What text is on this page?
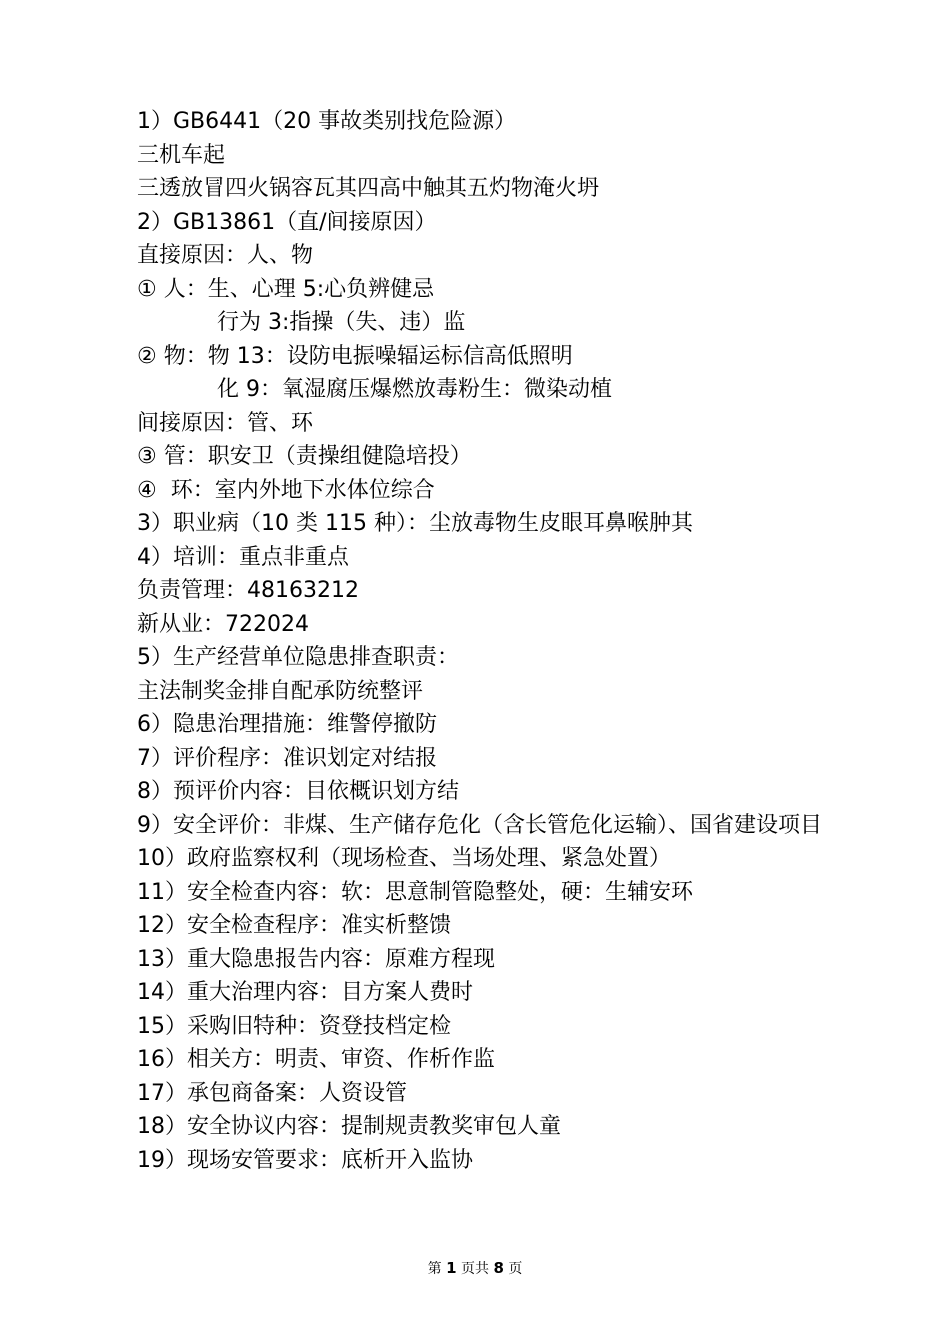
1）GB6441（20 事故类别找危险源）

三机车起

三透放冒四火锅容瓦其四高中触其五灼物淹火坍

2）GB13861（直/间接原因）

直接原因：人、物

① 人：生、心理 5:心负辨健忌

行为 3:指操（失、违）监

② 物：物 13：设防电振噪辐运标信高低照明

化 9：氧湿腐压爆燃放毒粉生：微染动植

间接原因：管、环

③ 管：职安卫（责操组健隐培投）

④  环：室内外地下水体位综合

3）职业病（10 类 115 种）：尘放毒物生皮眼耳鼻喉肿其

4）培训：重点非重点

负责管理：48163212

新从业：722024

5）生产经营单位隐患排查职责：

主法制奖金排自配承防统整评

6）隐患治理措施：维警停撤防

7）评价程序：准识划定对结报

8）预评价内容：目依概识划方结

9）安全评价：非煤、生产储存危化（含长管危化运输）、国省建设项目

10）政府监察权利（现场检查、当场处理、紧急处置）

11）安全检查内容：软：思意制管隐整处，硬：生辅安环

12）安全检查程序：准实析整馈

13）重大隐患报告内容：原难方程现

14）重大治理内容：目方案人费时

15）采购旧特种：资登技档定检

16）相关方：明责、审资、作析作监

17）承包商备案：人资设管

18）安全协议内容：提制规责教奖审包人童

19）现场安管要求：底析开入监协

第 1 页共 8 页
